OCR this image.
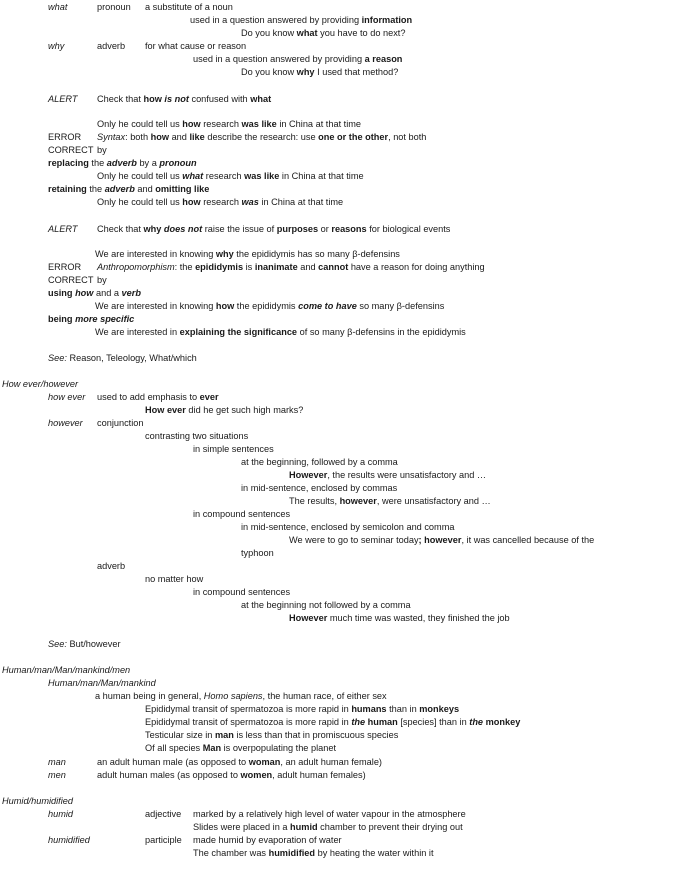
what	pronoun a substitute of a noun
used in a question answered by providing information
Do you know what you have to do next?
why	adverb for what cause or reason
used in a question answered by providing a reason
Do you know why I used that method?
ALERT Check that how is not confused with what
Only he could tell us how research was like in China at that time
ERROR Syntax: both how and like describe the research: use one or the other, not both
CORRECT by
replacing the adverb by a pronoun
Only he could tell us what research was like in China at that time
retaining the adverb and omitting like
Only he could tell us how research was in China at that time
ALERT Check that why does not raise the issue of purposes or reasons for biological events
We are interested in knowing why the epididymis has so many β-defensins
ERROR Anthropomorphism: the epididymis is inanimate and cannot have a reason for doing anything
CORRECT by
using how and a verb
We are interested in knowing how the epididymis come to have so many β-defensins
being more specific
We are interested in explaining the significance of so many β-defensins in the epididymis
See: Reason, Teleology, What/which
How ever/however
how ever used to add emphasis to ever
How ever did he get such high marks?
however conjunction
contrasting two situations
in simple sentences
at the beginning, followed by a comma
However, the results were unsatisfactory and …
in mid-sentence, enclosed by commas
The results, however, were unsatisfactory and …
in compound sentences
in mid-sentence, enclosed by semicolon and comma
We were to go to seminar today; however, it was cancelled because of the
typhoon
adverb
no matter how
in compound sentences
at the beginning not followed by a comma
However much time was wasted, they finished the job
See: But/however
Human/man/Man/mankind/men
Human/man/Man/mankind
a human being in general, Homo sapiens, the human race, of either sex
Epididymal transit of spermatozoa is more rapid in humans than in monkeys
Epididymal transit of spermatozoa is more rapid in the human [species] than in the monkey
Testicular size in man is less than that in promiscuous species
Of all species Man is overpopulating the planet
man	an adult human male (as opposed to woman, an adult human female)
men	adult human males (as opposed to women, adult human females)
Humid/humidified
humid	adjective marked by a relatively high level of water vapour in the atmosphere
Slides were placed in a humid chamber to prevent their drying out
humidified	participle made humid by evaporation of water
The chamber was humidified by heating the water within it
